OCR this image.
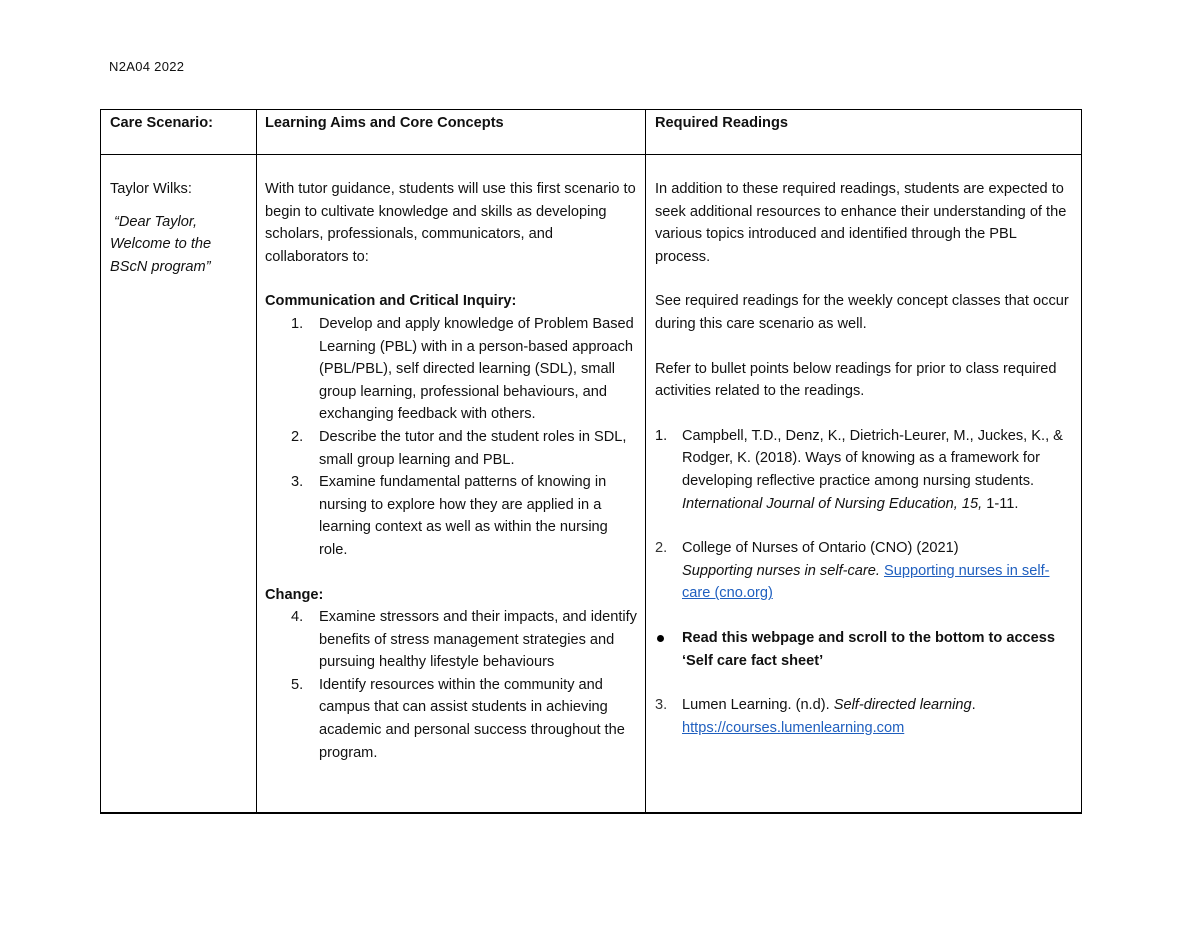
N2A04 2022
Care Scenario:	Learning Aims and Core Concepts	Required Readings
Taylor Wilks:
“Dear Taylor,
Welcome to the
BScN program”
With tutor guidance, students will use this first scenario to begin to cultivate knowledge and skills as developing scholars, professionals, communicators, and collaborators to:
Communication and Critical Inquiry:
1. Develop and apply knowledge of Problem Based Learning (PBL) with in a person-based approach (PBL/PBL), self directed learning (SDL), small group learning, professional behaviours, and exchanging feedback with others.
2. Describe the tutor and the student roles in SDL, small group learning and PBL.
3. Examine fundamental patterns of knowing in nursing to explore how they are applied in a learning context as well as within the nursing role.
Change:
4. Examine stressors and their impacts, and identify benefits of stress management strategies and pursuing healthy lifestyle behaviours
5. Identify resources within the community and campus that can assist students in achieving academic and personal success throughout the program.
In addition to these required readings, students are expected to seek additional resources to enhance their understanding of the various topics introduced and identified through the PBL process.
See required readings for the weekly concept classes that occur during this care scenario as well.
Refer to bullet points below readings for prior to class required activities related to the readings.
1. Campbell, T.D., Denz, K., Dietrich-Leurer, M., Juckes, K., & Rodger, K. (2018). Ways of knowing as a framework for developing reflective practice among nursing students. International Journal of Nursing Education, 15, 1-11.
2. College of Nurses of Ontario (CNO) (2021)
Supporting nurses in self-care. Supporting nurses in self-care (cno.org)
Read this webpage and scroll to the bottom to access ‘Self care fact sheet’
3. Lumen Learning. (n.d). Self-directed learning.
https://courses.lumenlearning.com
